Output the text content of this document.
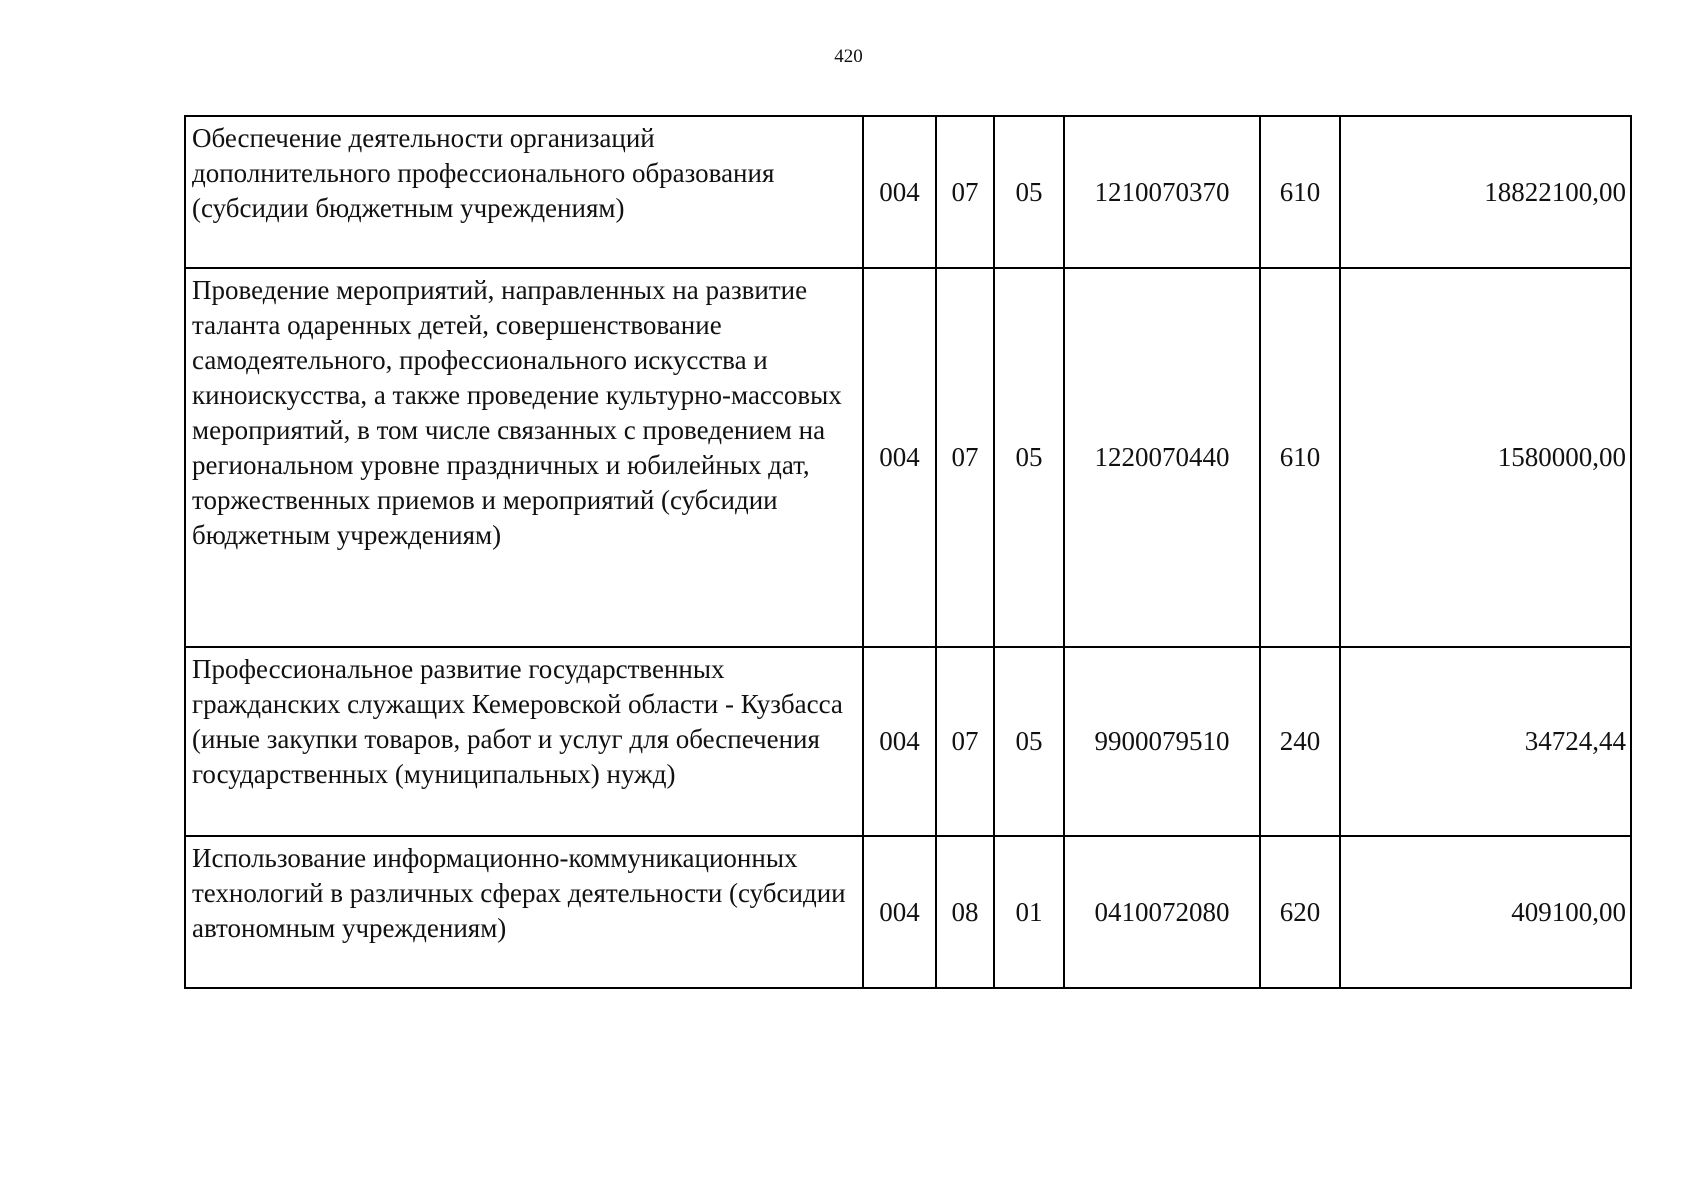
420
Обеспечение деятельности организаций дополнительного профессионального образования (субсидии бюджетным учреждениям)	004	07	05	1210070370	610	18822100,00
Проведение мероприятий, направленных на развитие таланта одаренных детей, совершенствование самодеятельного, профессионального искусства и киноискусства, а также проведение культурно-массовых мероприятий, в том числе связанных с проведением на региональном уровне праздничных и юбилейных дат, торжественных приемов и мероприятий (субсидии бюджетным учреждениям)	004	07	05	1220070440	610	1580000,00
Профессиональное развитие государственных гражданских служащих Кемеровской области - Кузбасса (иные закупки товаров, работ и услуг для обеспечения государственных (муниципальных) нужд)	004	07	05	9900079510	240	34724,44
Использование информационно-коммуникационных технологий в различных сферах деятельности (субсидии автономным учреждениям)	004	08	01	0410072080	620	409100,00
